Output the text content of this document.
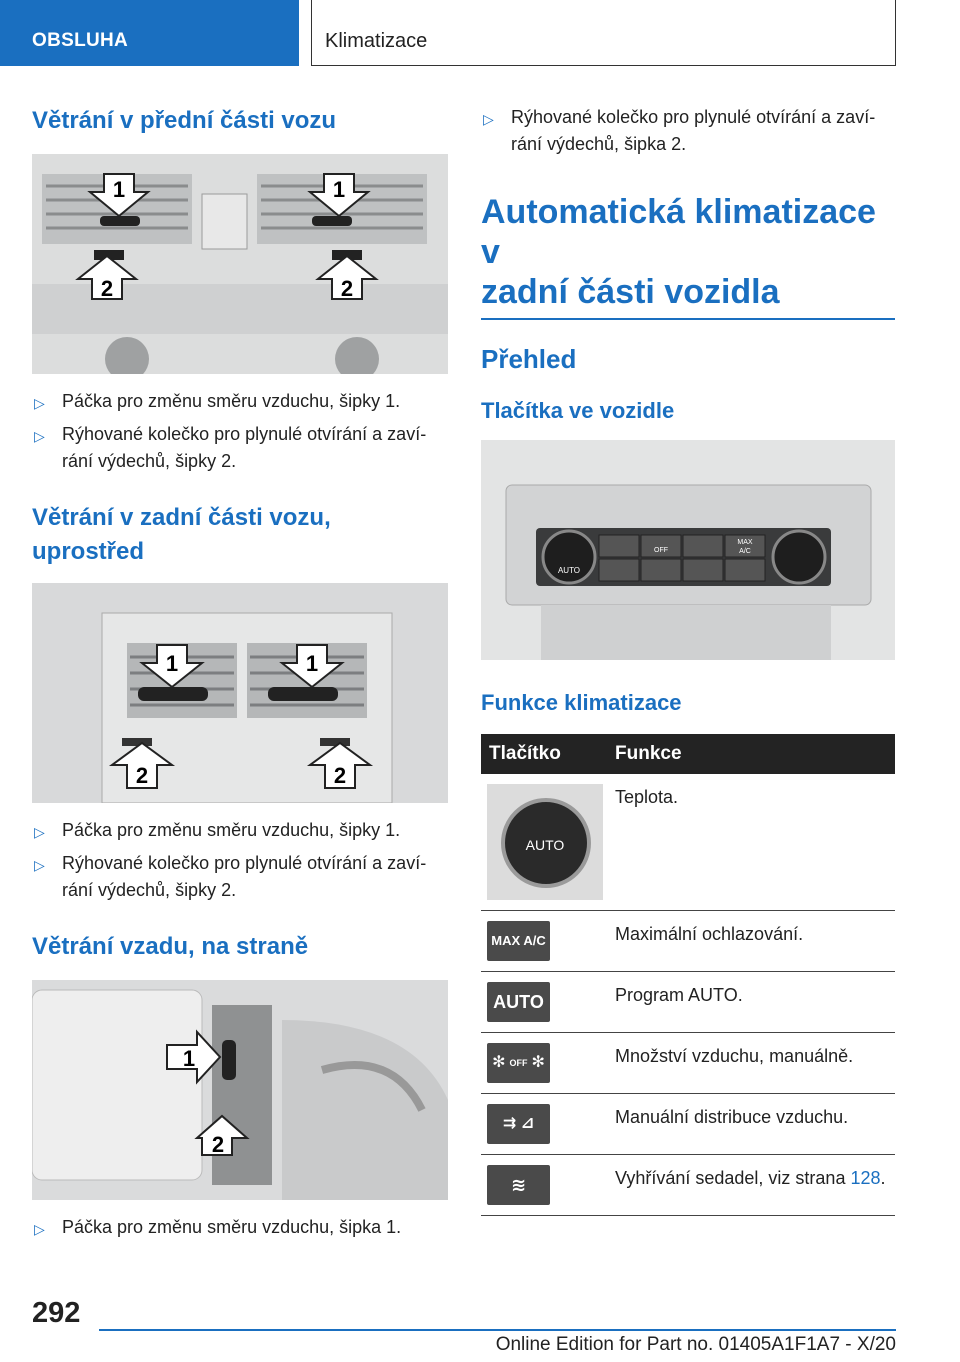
OBSLUHA	Klimatizace
Větrání v přední části vozu
1	1
2	2
▷ Páčka pro změnu směru vzduchu, šipky 1.
▷ Rýhované kolečko pro plynulé otvírání a zavírání výdechů, šipky 2.
Větrání v zadní části vozu,
uprostřed
1	1
2	2
▷ Páčka pro změnu směru vzduchu, šipky 1.
▷ Rýhované kolečko pro plynulé otvírání a zavírání výdechů, šipky 2.
Větrání vzadu, na straně
1
2
▷ Páčka pro změnu směru vzduchu, šipka 1.
▷ Rýhované kolečko pro plynulé otvírání a zavírání výdechů, šipka 2.
Automatická klimatizace v
zadní části vozidla
Přehled
Tlačítka ve vozidle
AUTO
OFF
MAX
A/C
Funkce klimatizace
Tlačítko	Funkce

AUTO	Teplota.

MAX A/C	Maximální ochlazování.

AUTO	Program AUTO.

✻ OFF ✻	Množství vzduchu, manuálně.

⇉ ⊿	Manuální distribuce vzduchu.

≋	Vyhřívání sedadel, viz strana 128.
292
Online Edition for Part no. 01405A1F1A7 - X/20
